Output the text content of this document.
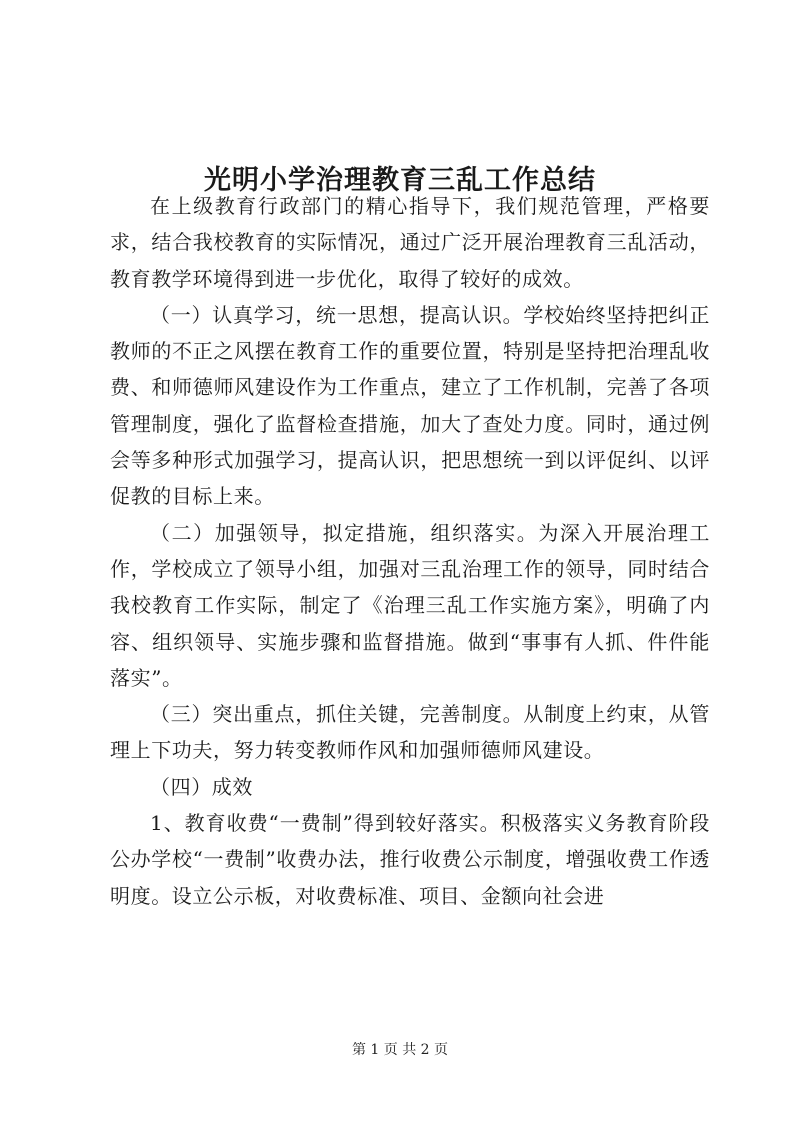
光明小学治理教育三乱工作总结

在上级教育行政部门的精心指导下，我们规范管理，严格要求，结合我校教育的实际情况，通过广泛开展治理教育三乱活动，教育教学环境得到进一步优化，取得了较好的成效。

（一）认真学习，统一思想，提高认识。学校始终坚持把纠正教师的不正之风摆在教育工作的重要位置，特别是坚持把治理乱收费、和师德师风建设作为工作重点，建立了工作机制，完善了各项管理制度，强化了监督检查措施，加大了查处力度。同时，通过例会等多种形式加强学习，提高认识，把思想统一到以评促纠、以评促教的目标上来。

（二）加强领导，拟定措施，组织落实。为深入开展治理工作，学校成立了领导小组，加强对三乱治理工作的领导，同时结合我校教育工作实际，制定了《治理三乱工作实施方案》，明确了内容、组织领导、实施步骤和监督措施。做到“事事有人抓、件件能落实”。

（三）突出重点，抓住关键，完善制度。从制度上约束，从管理上下功夫，努力转变教师作风和加强师德师风建设。

（四）成效

1、教育收费“一费制”得到较好落实。积极落实义务教育阶段公办学校“一费制”收费办法，推行收费公示制度，增强收费工作透明度。设立公示板，对收费标准、项目、金额向社会进

第 1 页 共 2 页
